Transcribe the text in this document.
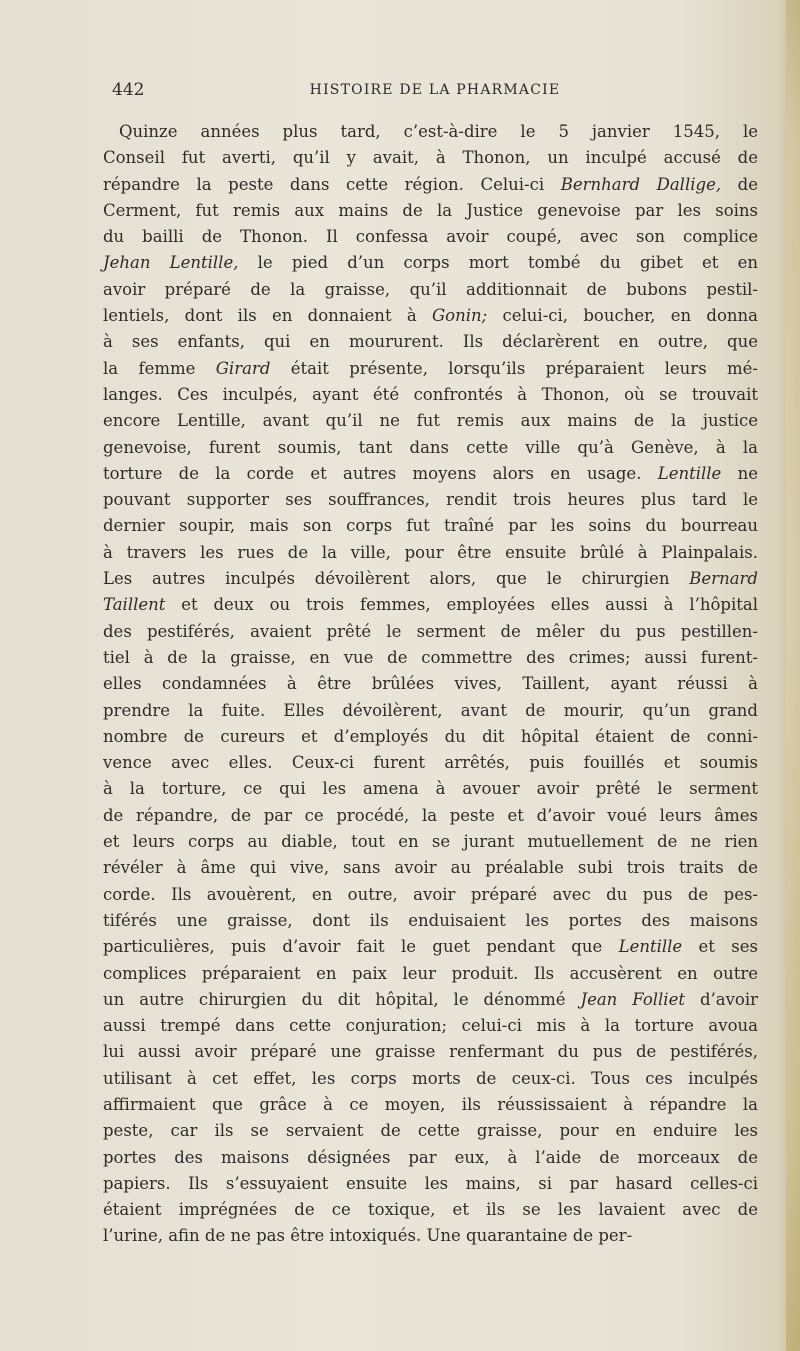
442	HISTOIRE DE LA PHARMACIE
Quinze années plus tard, c’est-à-dire le 5 janvier 1545, le
Conseil fut averti, qu’il y avait, à Thonon, un inculpé accusé de
répandre la peste dans cette région. Celui-ci Bernhard Dallige, de
Cerment, fut remis aux mains de la Justice genevoise par les soins
du bailli de Thonon. Il confessa avoir coupé, avec son complice
Jehan Lentille, le pied d’un corps mort tombé du gibet et en
avoir préparé de la graisse, qu’il additionnait de bubons pestil-
lentiels, dont ils en donnaient à Gonin; celui-ci, boucher, en donna
à ses enfants, qui en moururent. Ils déclarèrent en outre, que
la femme Girard était présente, lorsqu’ils préparaient leurs mé-
langes. Ces inculpés, ayant été confrontés à Thonon, où se trouvait
encore Lentille, avant qu’il ne fut remis aux mains de la justice
genevoise, furent soumis, tant dans cette ville qu’à Genève, à la
torture de la corde et autres moyens alors en usage. Lentille ne
pouvant supporter ses souffrances, rendit trois heures plus tard le
dernier soupir, mais son corps fut traîné par les soins du bourreau
à travers les rues de la ville, pour être ensuite brûlé à Plainpalais.
Les autres inculpés dévoilèrent alors, que le chirurgien Bernard
Taillent et deux ou trois femmes, employées elles aussi à l’hôpital
des pestiférés, avaient prêté le serment de mêler du pus pestillen-
tiel à de la graisse, en vue de commettre des crimes; aussi furent-
elles condamnées à être brûlées vives, Taillent, ayant réussi à
prendre la fuite. Elles dévoilèrent, avant de mourir, qu’un grand
nombre de cureurs et d’employés du dit hôpital étaient de conni-
vence avec elles. Ceux-ci furent arrêtés, puis fouillés et soumis
à la torture, ce qui les amena à avouer avoir prêté le serment
de répandre, de par ce procédé, la peste et d’avoir voué leurs âmes
et leurs corps au diable, tout en se jurant mutuellement de ne rien
révéler à âme qui vive, sans avoir au préalable subi trois traits de
corde. Ils avouèrent, en outre, avoir préparé avec du pus de pes-
tiférés une graisse, dont ils enduisaient les portes des maisons
particulières, puis d’avoir fait le guet pendant que Lentille et ses
complices préparaient en paix leur produit. Ils accusèrent en outre
un autre chirurgien du dit hôpital, le dénommé Jean Folliet d’avoir
aussi trempé dans cette conjuration; celui-ci mis à la torture avoua
lui aussi avoir préparé une graisse renfermant du pus de pestiférés,
utilisant à cet effet, les corps morts de ceux-ci. Tous ces inculpés
affirmaient que grâce à ce moyen, ils réussissaient à répandre la
peste, car ils se servaient de cette graisse, pour en enduire les
portes des maisons désignées par eux, à l’aide de morceaux de
papiers. Ils s’essuyaient ensuite les mains, si par hasard celles-ci
étaient imprégnées de ce toxique, et ils se les lavaient avec de
l’urine, afin de ne pas être intoxiqués. Une quarantaine de per-
